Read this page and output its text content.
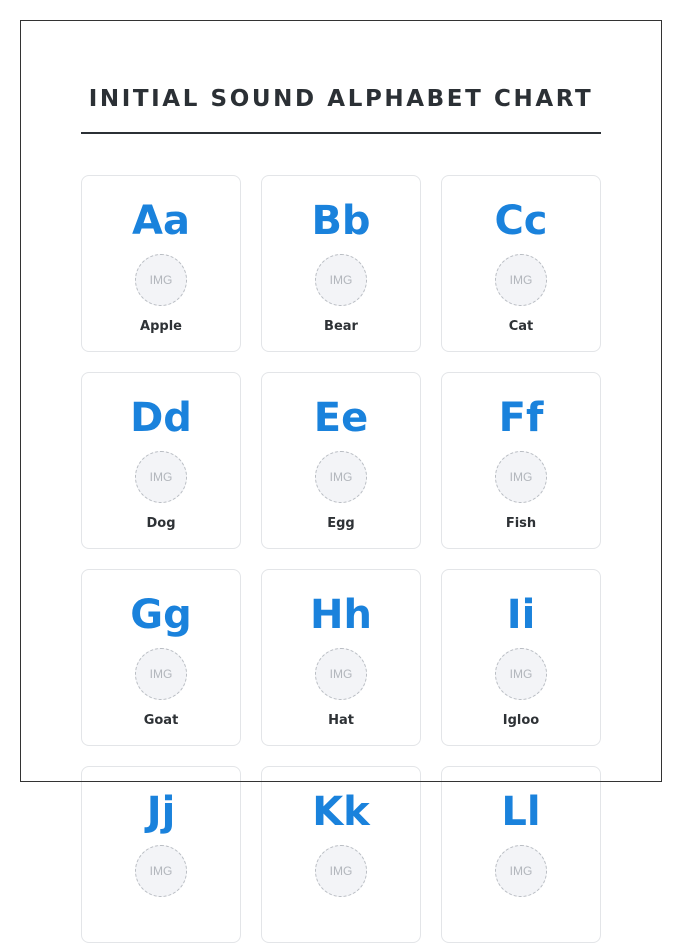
INITIAL SOUND ALPHABET CHART
Aa
IMG
Apple
Bb
IMG
Bear
Cc
IMG
Cat
Dd
IMG
Dog
Ee
IMG
Egg
Ff
IMG
Fish
Gg
IMG
Goat
Hh
IMG
Hat
Ii
IMG
Igloo
Jj
IMG
Kk
IMG
Ll
IMG
